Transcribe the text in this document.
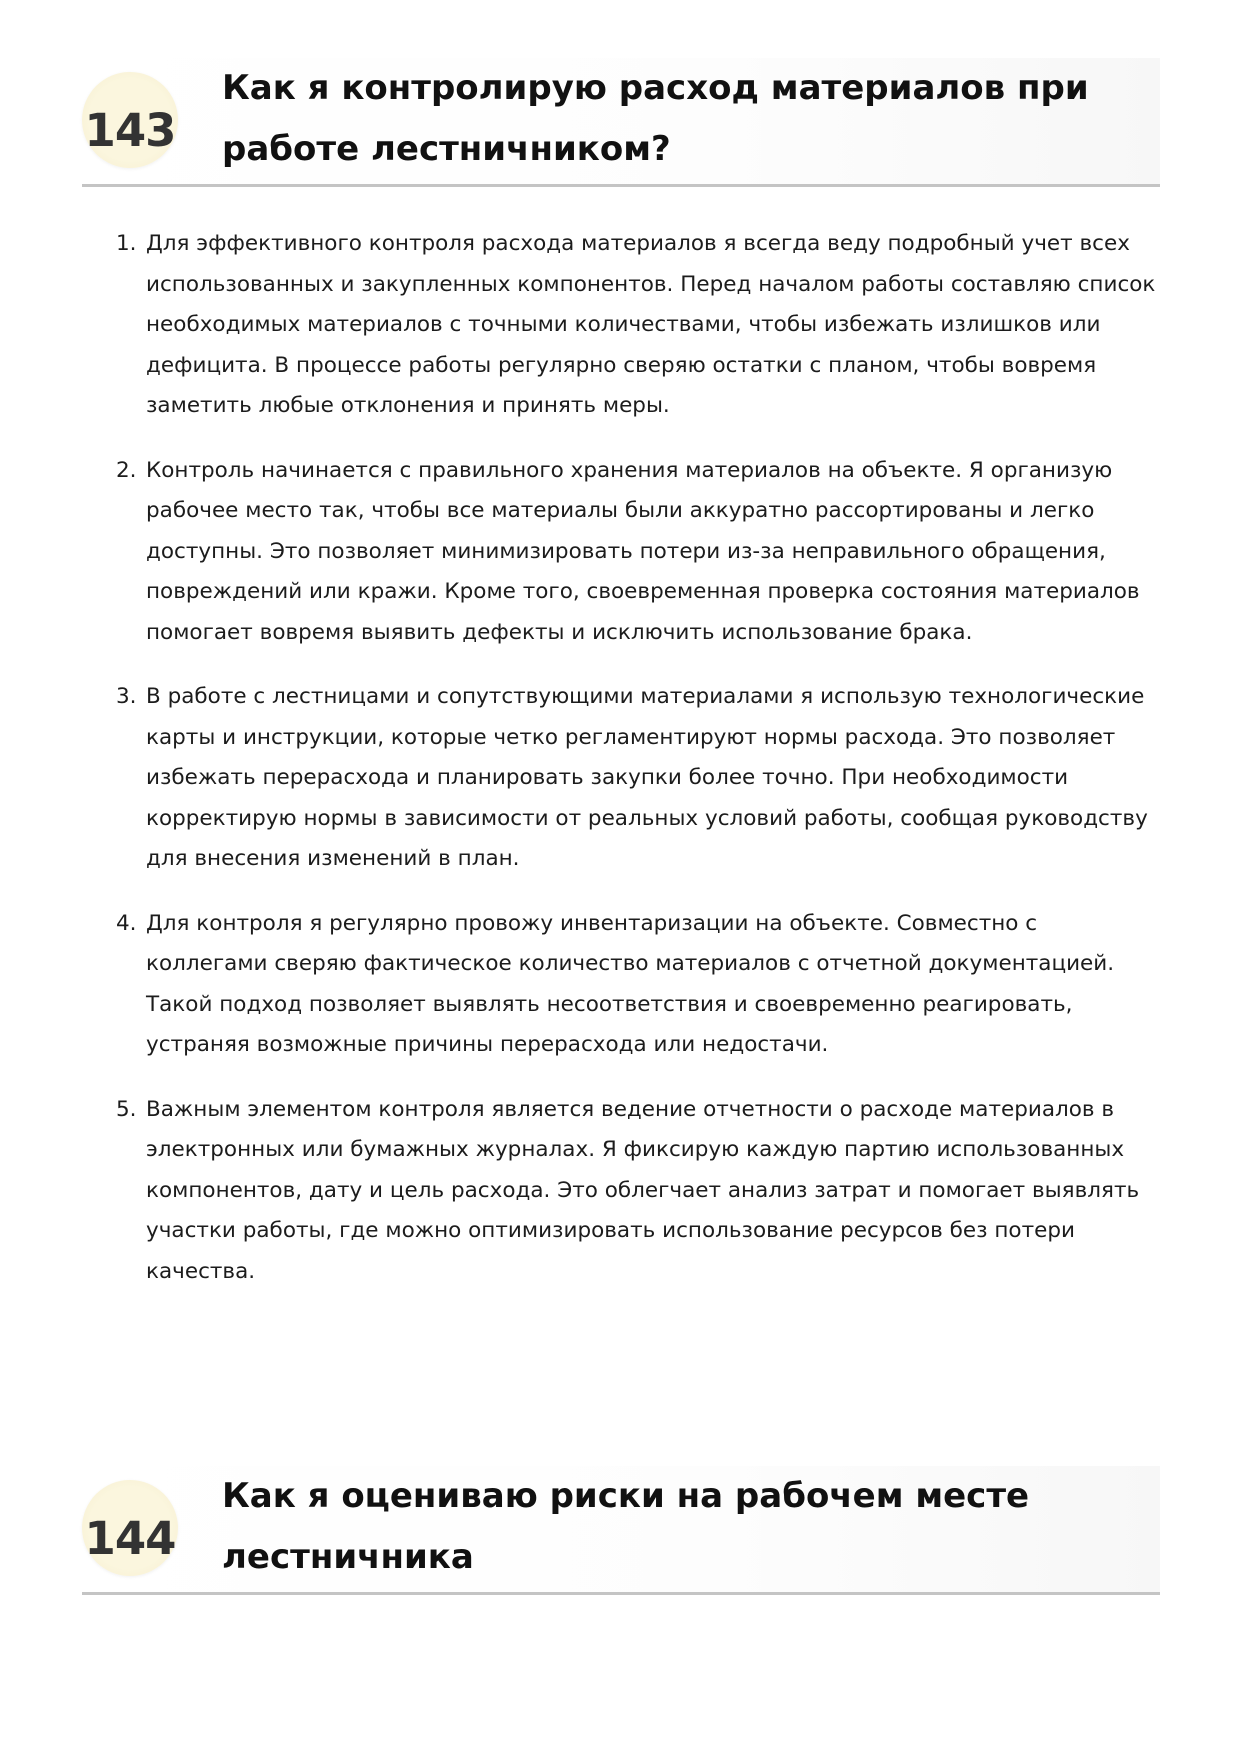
143
Как я контролирую расход материалов при работе лестничником?
1. Для эффективного контроля расхода материалов я всегда веду подробный учет всех использованных и закупленных компонентов. Перед началом работы составляю список необходимых материалов с точными количествами, чтобы избежать излишков или дефицита. В процессе работы регулярно сверяю остатки с планом, чтобы вовремя заметить любые отклонения и принять меры.
2. Контроль начинается с правильного хранения материалов на объекте. Я организую рабочее место так, чтобы все материалы были аккуратно рассортированы и легко доступны. Это позволяет минимизировать потери из-за неправильного обращения, повреждений или кражи. Кроме того, своевременная проверка состояния материалов помогает вовремя выявить дефекты и исключить использование брака.
3. В работе с лестницами и сопутствующими материалами я использую технологические карты и инструкции, которые четко регламентируют нормы расхода. Это позволяет избежать перерасхода и планировать закупки более точно. При необходимости корректирую нормы в зависимости от реальных условий работы, сообщая руководству для внесения изменений в план.
4. Для контроля я регулярно провожу инвентаризации на объекте. Совместно с коллегами сверяю фактическое количество материалов с отчетной документацией. Такой подход позволяет выявлять несоответствия и своевременно реагировать, устраняя возможные причины перерасхода или недостачи.
5. Важным элементом контроля является ведение отчетности о расходе материалов в электронных или бумажных журналах. Я фиксирую каждую партию использованных компонентов, дату и цель расхода. Это облегчает анализ затрат и помогает выявлять участки работы, где можно оптимизировать использование ресурсов без потери качества.
144
Как я оцениваю риски на рабочем месте лестничника
